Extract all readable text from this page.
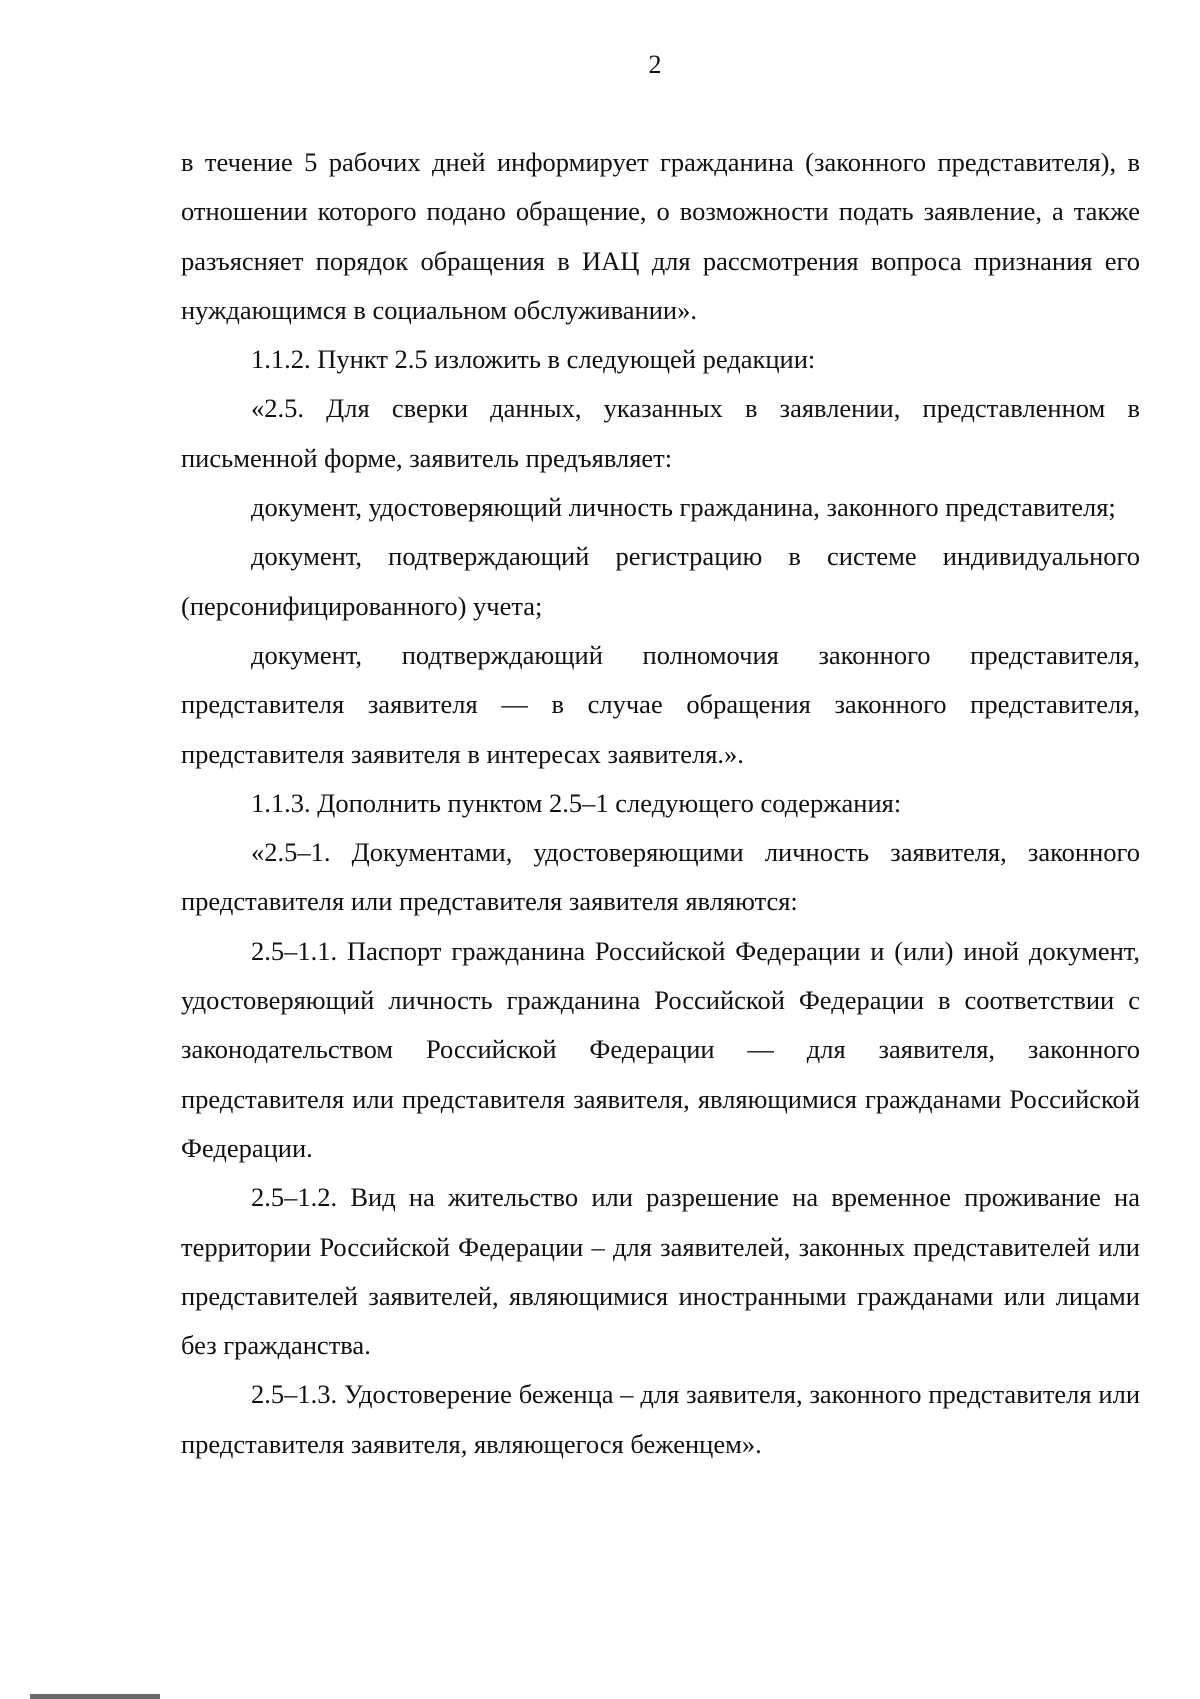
2

в течение 5 рабочих дней информирует гражданина (законного представителя), в отношении которого подано обращение, о возможности подать заявление, а также разъясняет порядок обращения в ИАЦ для рассмотрения вопроса признания его нуждающимся в социальном обслуживании».

1.1.2. Пункт 2.5 изложить в следующей редакции:

«2.5. Для сверки данных, указанных в заявлении, представленном в письменной форме, заявитель предъявляет:

документ, удостоверяющий личность гражданина, законного представителя;

документ, подтверждающий регистрацию в системе индивидуального (персонифицированного) учета;

документ, подтверждающий полномочия законного представителя, представителя заявителя — в случае обращения законного представителя, представителя заявителя в интересах заявителя.».

1.1.3. Дополнить пунктом 2.5–1 следующего содержания:

«2.5–1. Документами, удостоверяющими личность заявителя, законного представителя или представителя заявителя являются:

2.5–1.1. Паспорт гражданина Российской Федерации и (или) иной документ, удостоверяющий личность гражданина Российской Федерации в соответствии с законодательством Российской Федерации — для заявителя, законного представителя или представителя заявителя, являющимися гражданами Российской Федерации.

2.5–1.2. Вид на жительство или разрешение на временное проживание на территории Российской Федерации – для заявителей, законных представителей или представителей заявителей, являющимися иностранными гражданами или лицами без гражданства.

2.5–1.3. Удостоверение беженца – для заявителя, законного представителя или представителя заявителя, являющегося беженцем».
